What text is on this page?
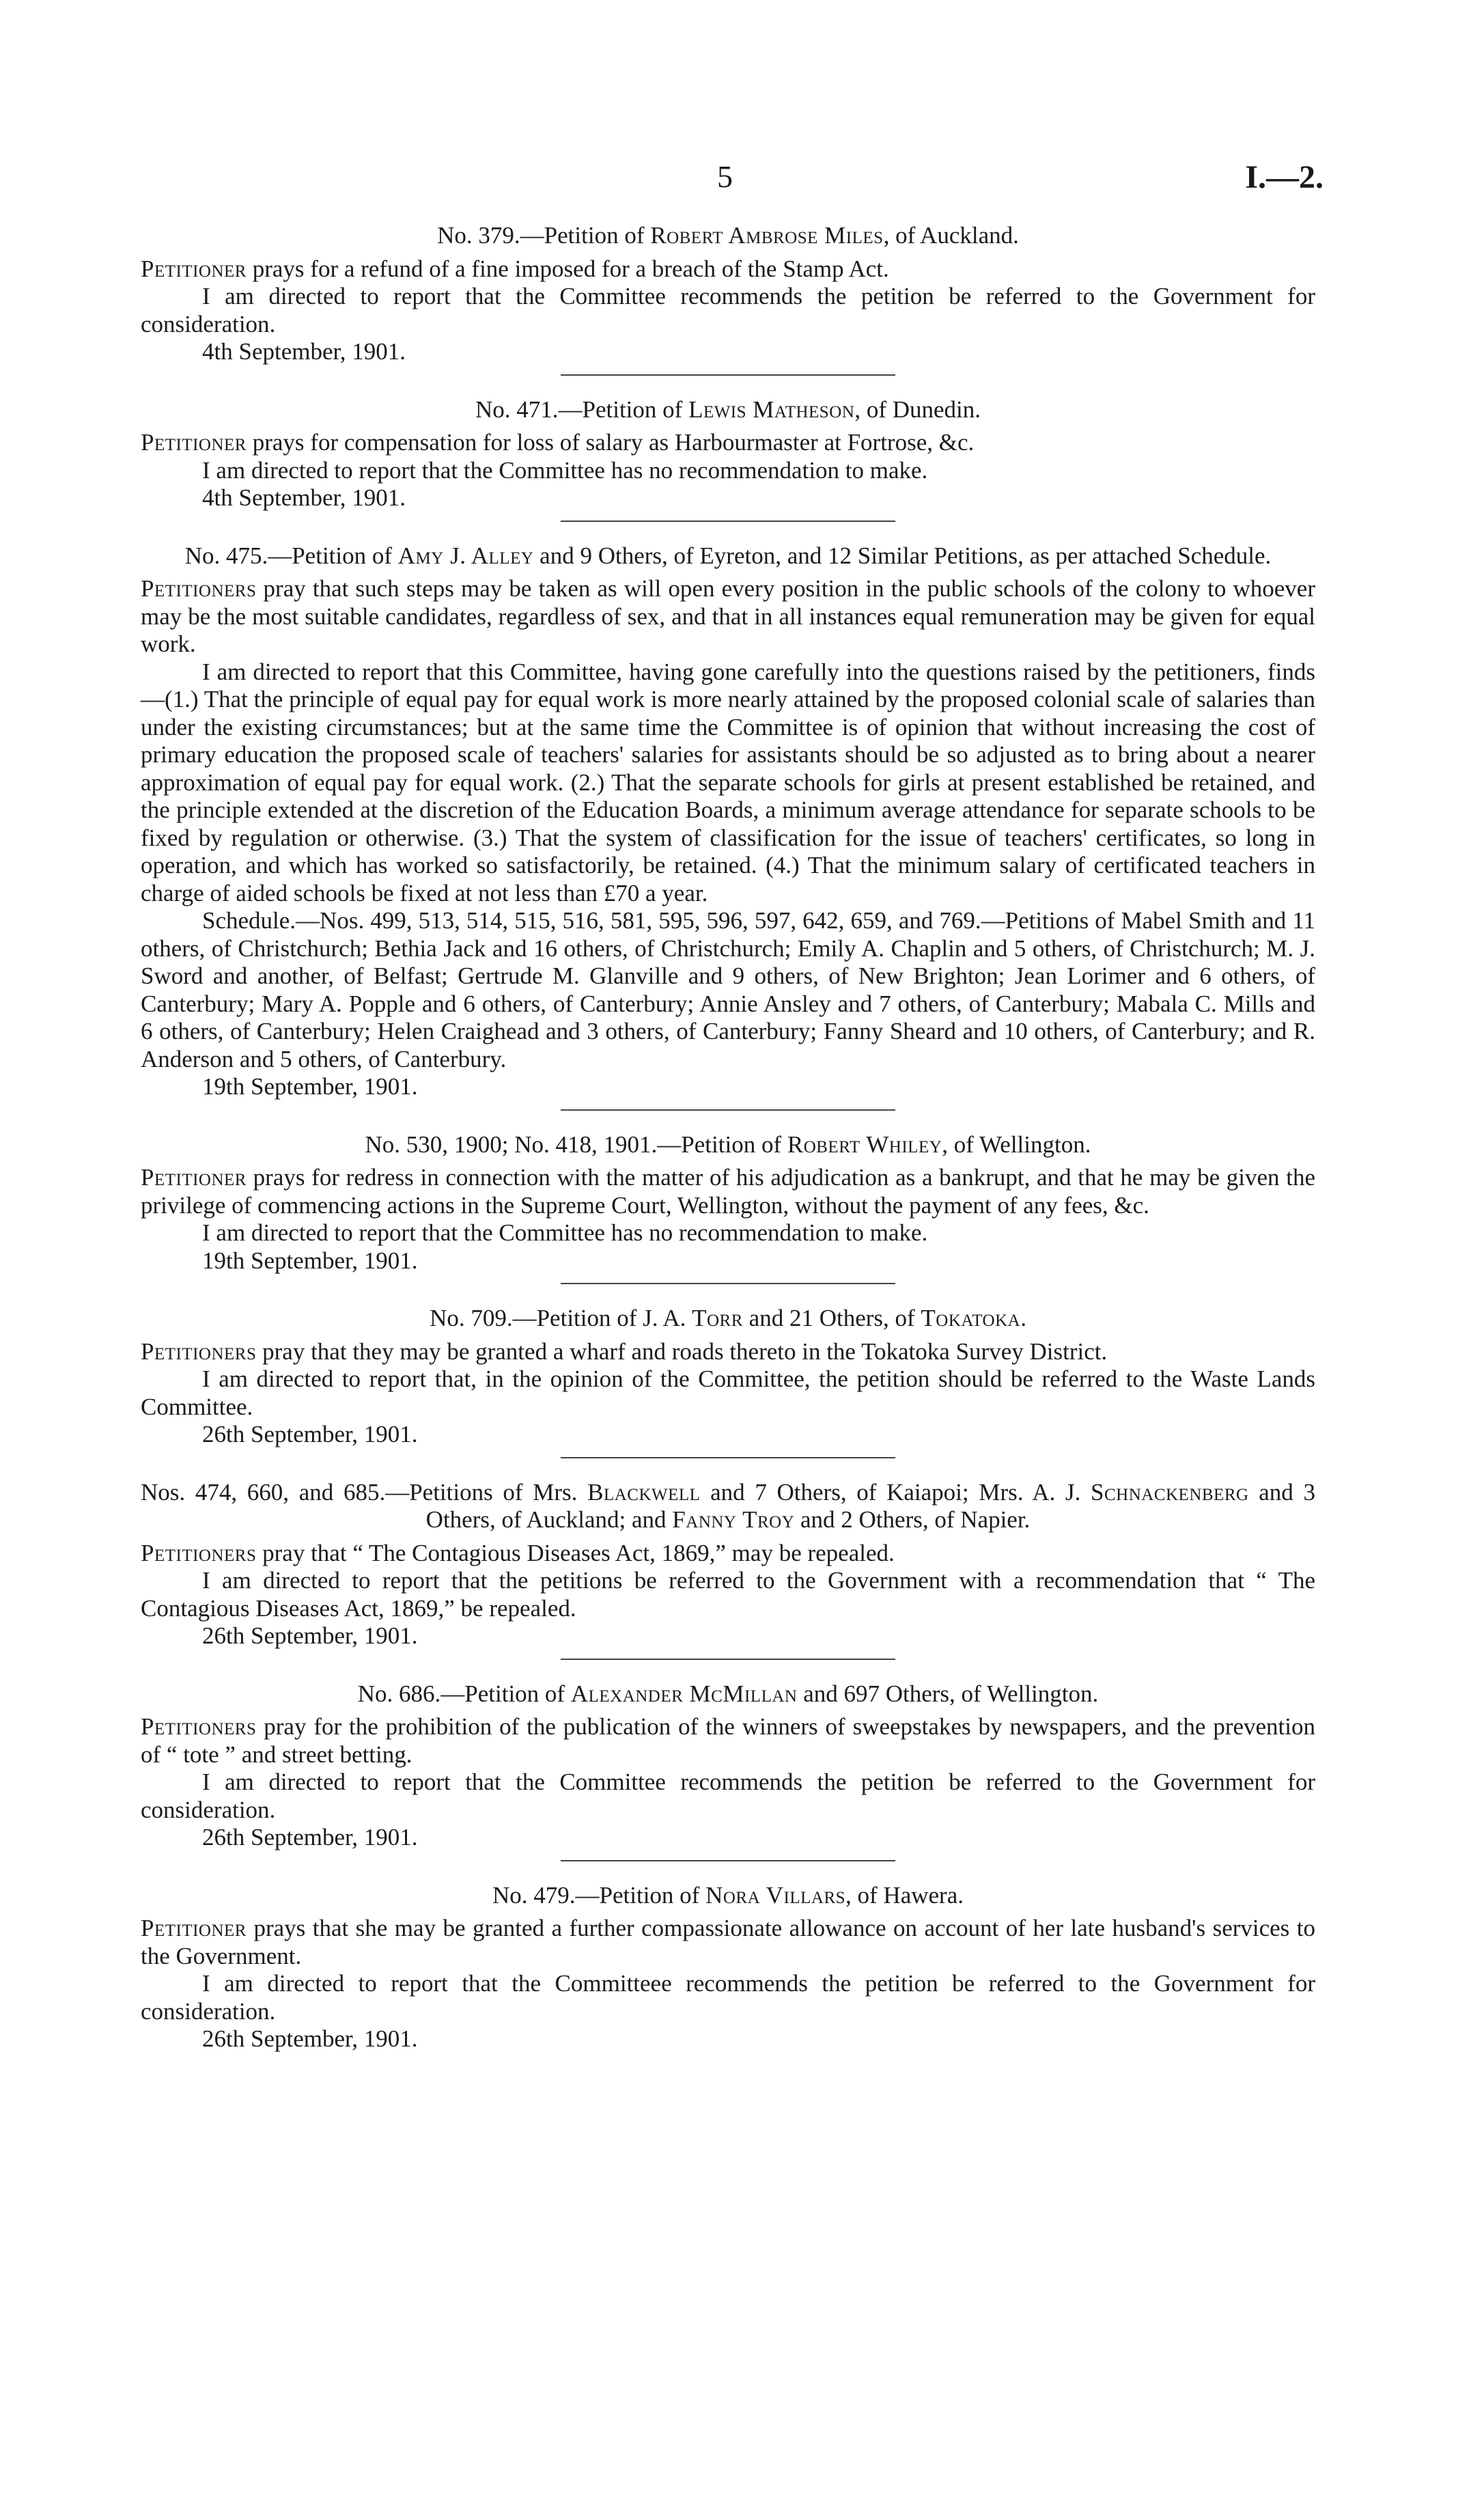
5	I.—2.

No. 379.—Petition of Robert Ambrose Miles, of Auckland.

Petitioner prays for a refund of a fine imposed for a breach of the Stamp Act.

I am directed to report that the Committee recommends the petition be referred to the Government for consideration.

4th September, 1901.

No. 471.—Petition of Lewis Matheson, of Dunedin.

Petitioner prays for compensation for loss of salary as Harbourmaster at Fortrose, &c.

I am directed to report that the Committee has no recommendation to make.

4th September, 1901.

No. 475.—Petition of Amy J. Alley and 9 Others, of Eyreton, and 12 Similar Petitions, as per attached Schedule.

Petitioners pray that such steps may be taken as will open every position in the public schools of the colony to whoever may be the most suitable candidates, regardless of sex, and that in all instances equal remuneration may be given for equal work.

I am directed to report that this Committee, having gone carefully into the questions raised by the petitioners, finds—(1.) That the principle of equal pay for equal work is more nearly attained by the proposed colonial scale of salaries than under the existing circumstances; but at the same time the Committee is of opinion that without increasing the cost of primary education the proposed scale of teachers' salaries for assistants should be so adjusted as to bring about a nearer approximation of equal pay for equal work. (2.) That the separate schools for girls at present established be retained, and the principle extended at the discretion of the Education Boards, a minimum average attendance for separate schools to be fixed by regulation or otherwise. (3.) That the system of classification for the issue of teachers' certificates, so long in operation, and which has worked so satisfactorily, be retained. (4.) That the minimum salary of certificated teachers in charge of aided schools be fixed at not less than £70 a year.

Schedule.—Nos. 499, 513, 514, 515, 516, 581, 595, 596, 597, 642, 659, and 769.—Petitions of Mabel Smith and 11 others, of Christchurch; Bethia Jack and 16 others, of Christchurch; Emily A. Chaplin and 5 others, of Christchurch; M. J. Sword and another, of Belfast; Gertrude M. Glanville and 9 others, of New Brighton; Jean Lorimer and 6 others, of Canterbury; Mary A. Popple and 6 others, of Canterbury; Annie Ansley and 7 others, of Canterbury; Mabala C. Mills and 6 others, of Canterbury; Helen Craighead and 3 others, of Canterbury; Fanny Sheard and 10 others, of Canterbury; and R. Anderson and 5 others, of Canterbury.

19th September, 1901.

No. 530, 1900; No. 418, 1901.—Petition of Robert Whiley, of Wellington.

Petitioner prays for redress in connection with the matter of his adjudication as a bankrupt, and that he may be given the privilege of commencing actions in the Supreme Court, Wellington, without the payment of any fees, &c.

I am directed to report that the Committee has no recommendation to make.

19th September, 1901.

No. 709.—Petition of J. A. Torr and 21 Others, of Tokatoka.

Petitioners pray that they may be granted a wharf and roads thereto in the Tokatoka Survey District.

I am directed to report that, in the opinion of the Committee, the petition should be referred to the Waste Lands Committee.

26th September, 1901.

Nos. 474, 660, and 685.—Petitions of Mrs. Blackwell and 7 Others, of Kaiapoi; Mrs. A. J. Schnackenberg and 3 Others, of Auckland; and Fanny Troy and 2 Others, of Napier.

Petitioners pray that “ The Contagious Diseases Act, 1869,” may be repealed.

I am directed to report that the petitions be referred to the Government with a recommendation that “ The Contagious Diseases Act, 1869,” be repealed.

26th September, 1901.

No. 686.—Petition of Alexander McMillan and 697 Others, of Wellington.

Petitioners pray for the prohibition of the publication of the winners of sweepstakes by newspapers, and the prevention of “ tote ” and street betting.

I am directed to report that the Committee recommends the petition be referred to the Government for consideration.

26th September, 1901.

No. 479.—Petition of Nora Villars, of Hawera.

Petitioner prays that she may be granted a further compassionate allowance on account of her late husband's services to the Government.

I am directed to report that the Committeee recommends the petition be referred to the Government for consideration.

26th September, 1901.
